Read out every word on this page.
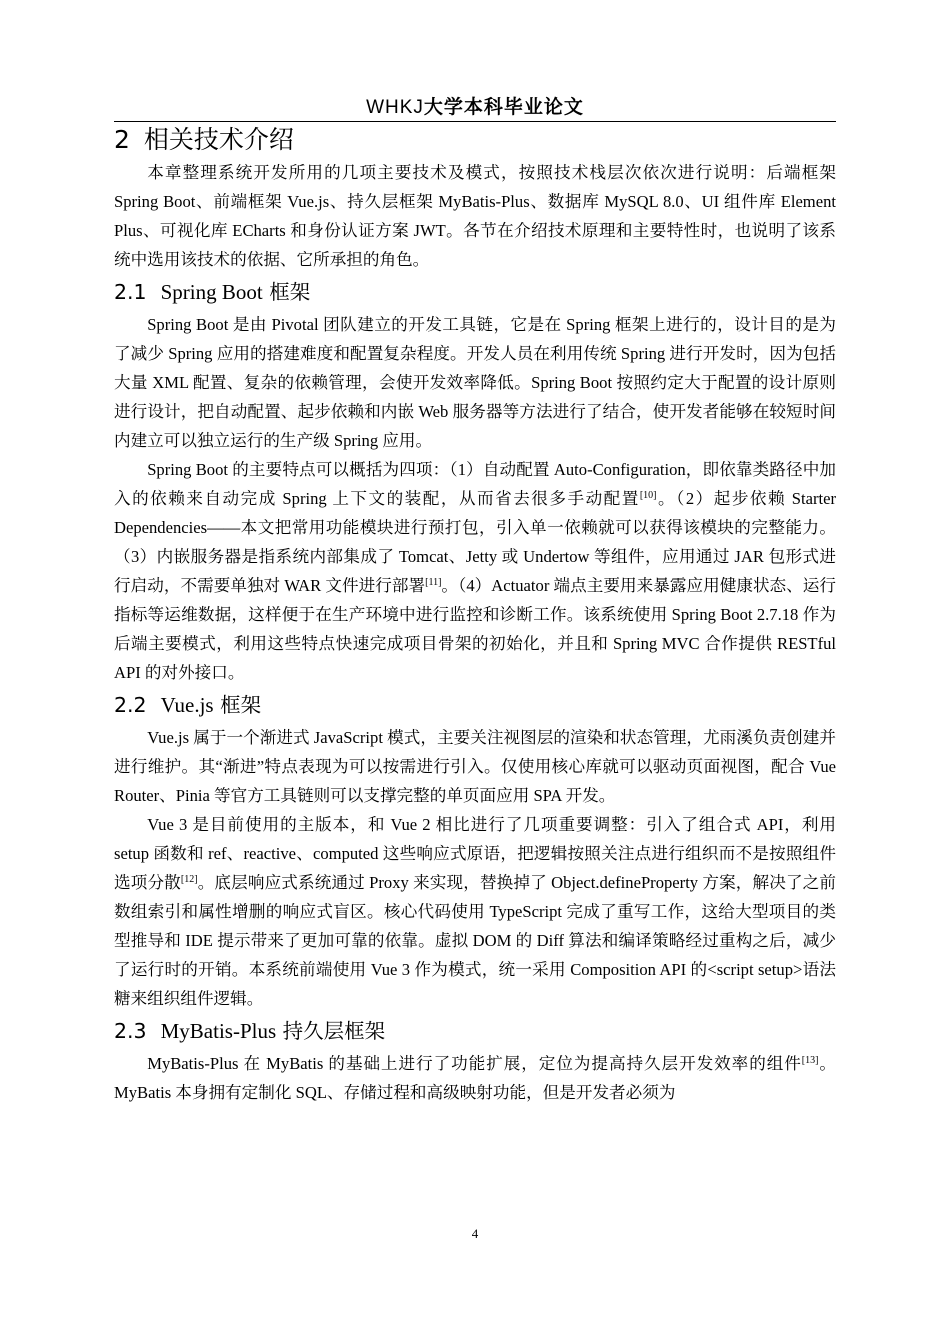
WHKJ大学本科毕业论文
2 相关技术介绍

本章整理系统开发所用的几项主要技术及模式，按照技术栈层次依次进行说明：后端框架 Spring Boot、前端框架 Vue.js、持久层框架 MyBatis-Plus、数据库 MySQL 8.0、UI 组件库 Element Plus、可视化库 ECharts 和身份认证方案 JWT。各节在介绍技术原理和主要特性时，也说明了该系统中选用该技术的依据、它所承担的角色。

2.1 Spring Boot 框架

Spring Boot 是由 Pivotal 团队建立的开发工具链，它是在 Spring 框架上进行的，设计目的是为了减少 Spring 应用的搭建难度和配置复杂程度。开发人员在利用传统 Spring 进行开发时，因为包括大量 XML 配置、复杂的依赖管理，会使开发效率降低。Spring Boot 按照约定大于配置的设计原则进行设计，把自动配置、起步依赖和内嵌 Web 服务器等方法进行了结合，使开发者能够在较短时间内建立可以独立运行的生产级 Spring 应用。

Spring Boot 的主要特点可以概括为四项：（1）自动配置 Auto-Configuration，即依靠类路径中加入的依赖来自动完成 Spring 上下文的装配，从而省去很多手动配置[10]。（2）起步依赖 Starter Dependencies——本文把常用功能模块进行预打包，引入单一依赖就可以获得该模块的完整能力。（3）内嵌服务器是指系统内部集成了 Tomcat、Jetty 或 Undertow 等组件，应用通过 JAR 包形式进行启动，不需要单独对 WAR 文件进行部署[11]。（4）Actuator 端点主要用来暴露应用健康状态、运行指标等运维数据，这样便于在生产环境中进行监控和诊断工作。该系统使用 Spring Boot 2.7.18 作为后端主要模式，利用这些特点快速完成项目骨架的初始化，并且和 Spring MVC 合作提供 RESTful API 的对外接口。

2.2 Vue.js 框架

Vue.js 属于一个渐进式 JavaScript 模式，主要关注视图层的渲染和状态管理，尤雨溪负责创建并进行维护。其“渐进”特点表现为可以按需进行引入。仅使用核心库就可以驱动页面视图，配合 Vue Router、Pinia 等官方工具链则可以支撑完整的单页面应用 SPA 开发。

Vue 3 是目前使用的主版本，和 Vue 2 相比进行了几项重要调整：引入了组合式 API，利用 setup 函数和 ref、reactive、computed 这些响应式原语，把逻辑按照关注点进行组织而不是按照组件选项分散[12]。底层响应式系统通过 Proxy 来实现，替换掉了 Object.defineProperty 方案，解决了之前数组索引和属性增删的响应式盲区。核心代码使用 TypeScript 完成了重写工作，这给大型项目的类型推导和 IDE 提示带来了更加可靠的依靠。虚拟 DOM 的 Diff 算法和编译策略经过重构之后，减少了运行时的开销。本系统前端使用 Vue 3 作为模式，统一采用 Composition API 的<script setup>语法糖来组织组件逻辑。

2.3 MyBatis-Plus 持久层框架

MyBatis-Plus 在 MyBatis 的基础上进行了功能扩展，定位为提高持久层开发效率的组件[13]。MyBatis 本身拥有定制化 SQL、存储过程和高级映射功能，但是开发者必须为

4
